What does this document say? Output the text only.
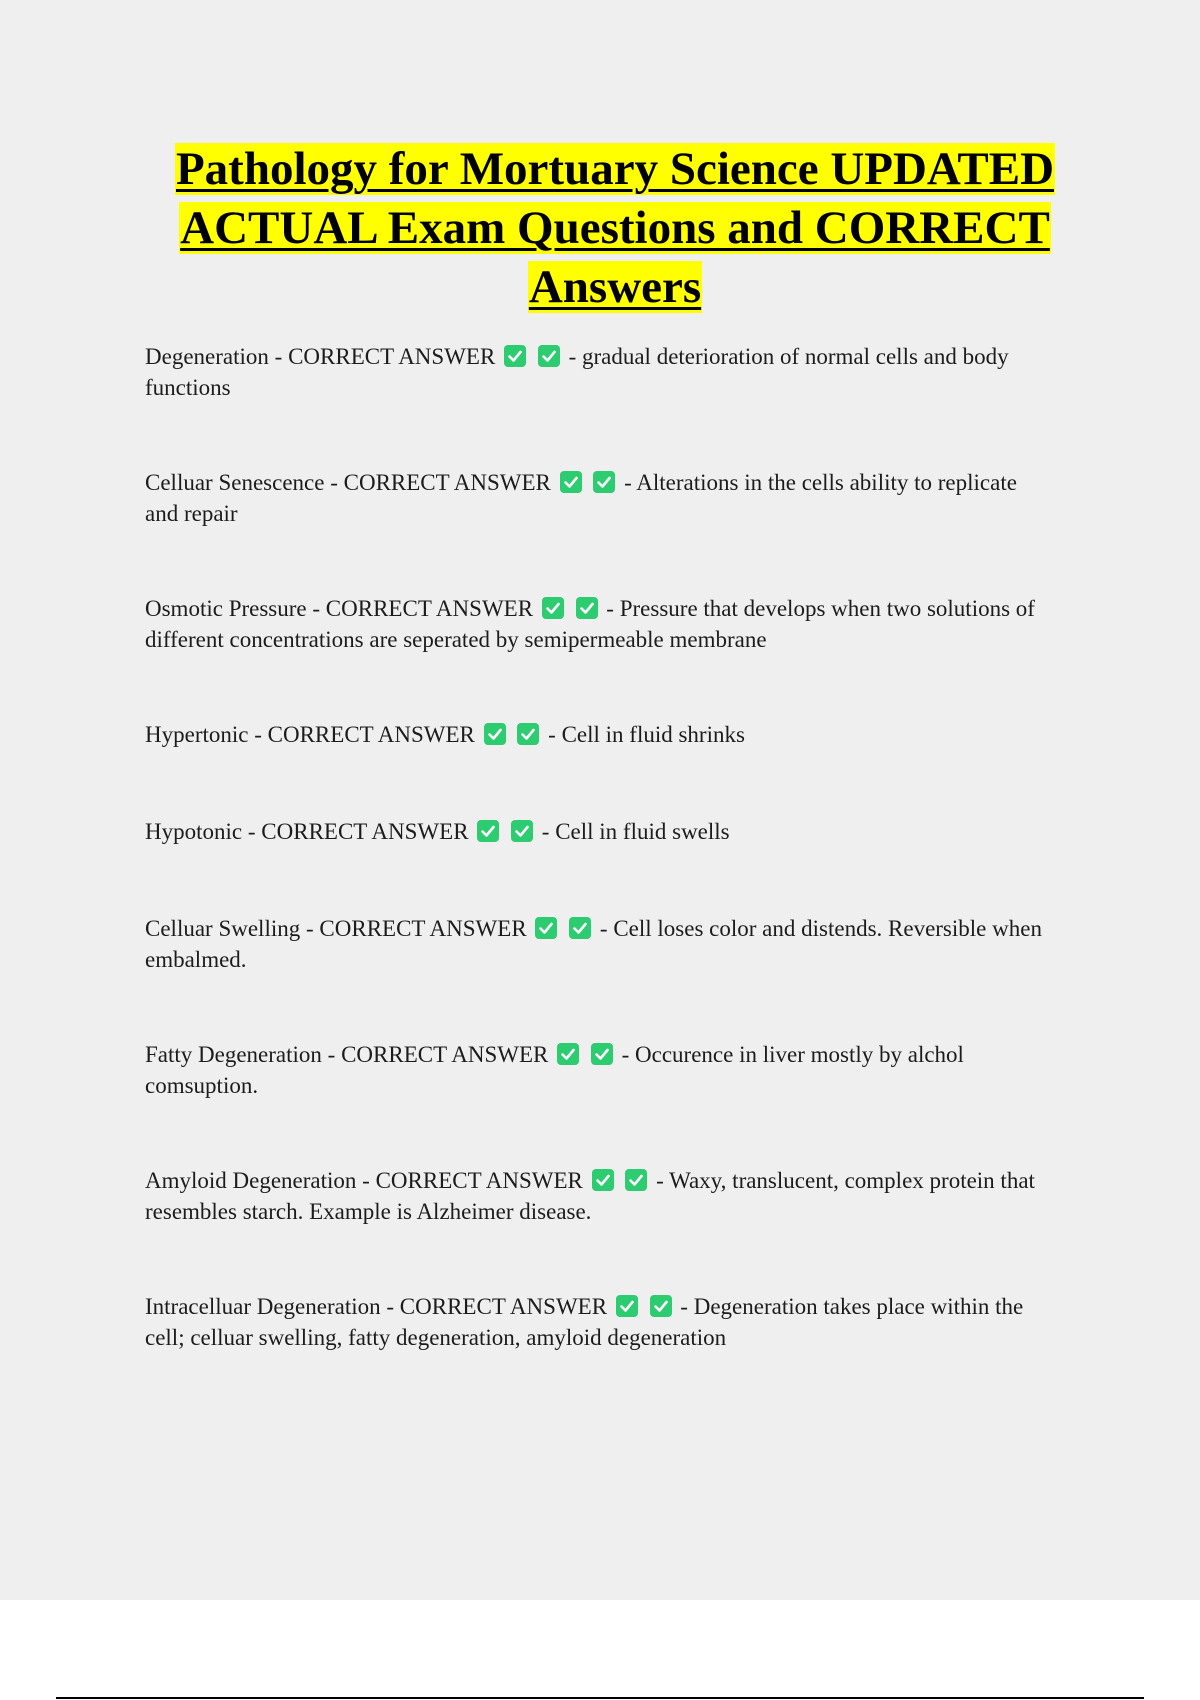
Pathology for Mortuary Science UPDATED
ACTUAL Exam Questions and CORRECT
Answers

Degeneration - CORRECT ANSWER
	- gradual deterioration of normal cells and body
functions

Celluar Senescence - CORRECT ANSWER
	- Alterations in the cells ability to replicate
and repair

Osmotic Pressure - CORRECT ANSWER
	- Pressure that develops when two solutions of
different concentrations are seperated by semipermeable membrane

Hypertonic - CORRECT ANSWER
	- Cell in fluid shrinks

Hypotonic - CORRECT ANSWER
	- Cell in fluid swells

Celluar Swelling - CORRECT ANSWER
	- Cell loses color and distends. Reversible when
embalmed.

Fatty Degeneration - CORRECT ANSWER
	- Occurence in liver mostly by alchol
comsuption.

Amyloid Degeneration - CORRECT ANSWER
	- Waxy, translucent, complex protein that
resembles starch. Example is Alzheimer disease.

Intracelluar Degeneration - CORRECT ANSWER
	- Degeneration takes place within the
cell; celluar swelling, fatty degeneration, amyloid degeneration
